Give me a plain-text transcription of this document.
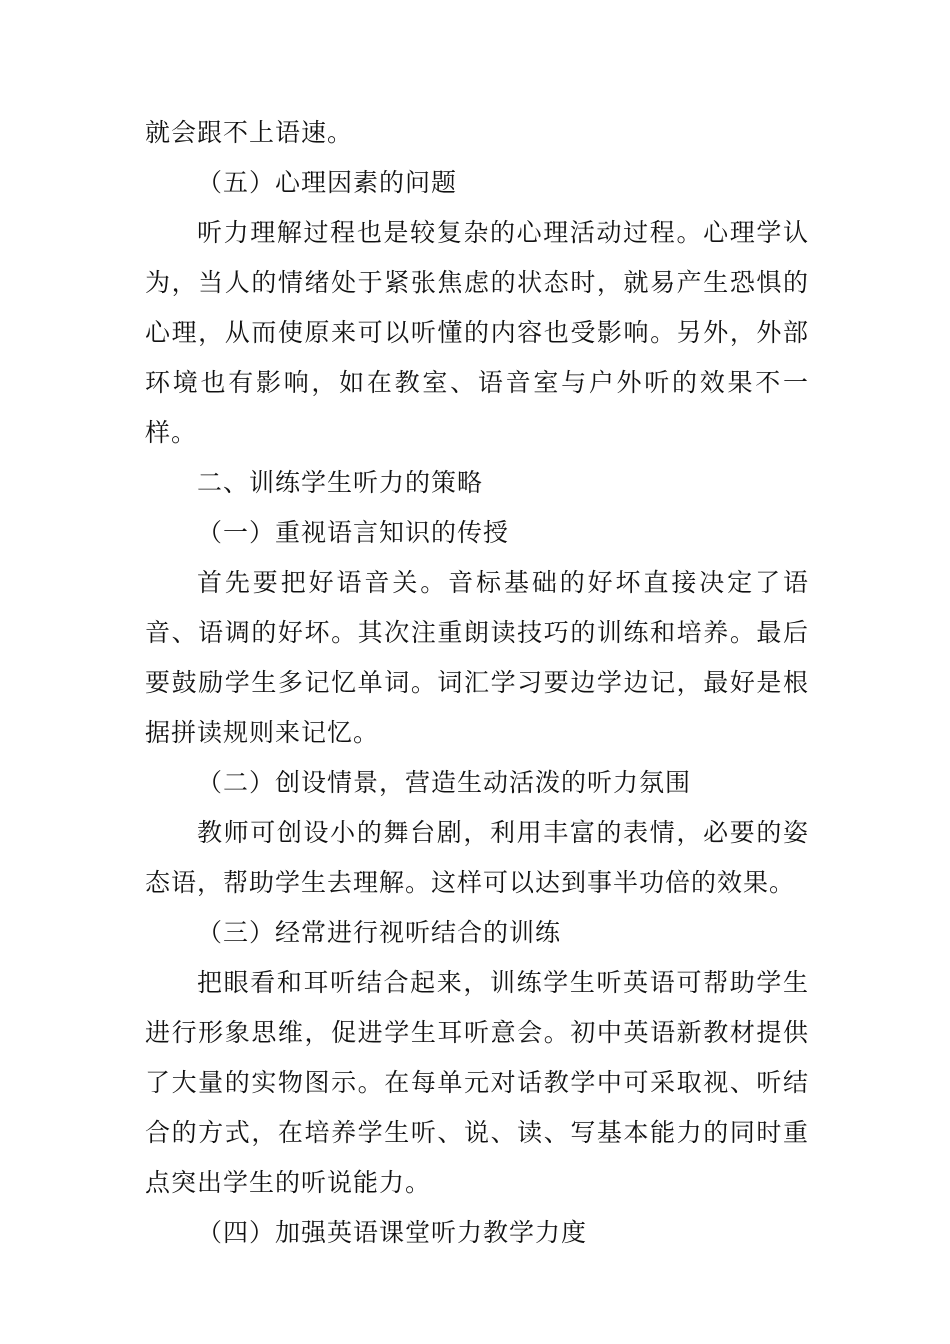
就会跟不上语速。

（五）心理因素的问题

听力理解过程也是较复杂的心理活动过程。心理学认为，当人的情绪处于紧张焦虑的状态时，就易产生恐惧的心理，从而使原来可以听懂的内容也受影响。另外，外部环境也有影响，如在教室、语音室与户外听的效果不一样。

二、训练学生听力的策略

（一）重视语言知识的传授

首先要把好语音关。音标基础的好坏直接决定了语音、语调的好坏。其次注重朗读技巧的训练和培养。最后要鼓励学生多记忆单词。词汇学习要边学边记，最好是根据拼读规则来记忆。

（二）创设情景，营造生动活泼的听力氛围

教师可创设小的舞台剧，利用丰富的表情，必要的姿态语，帮助学生去理解。这样可以达到事半功倍的效果。

（三）经常进行视听结合的训练

把眼看和耳听结合起来，训练学生听英语可帮助学生进行形象思维，促进学生耳听意会。初中英语新教材提供了大量的实物图示。在每单元对话教学中可采取视、听结合的方式，在培养学生听、说、读、写基本能力的同时重点突出学生的听说能力。

（四）加强英语课堂听力教学力度
